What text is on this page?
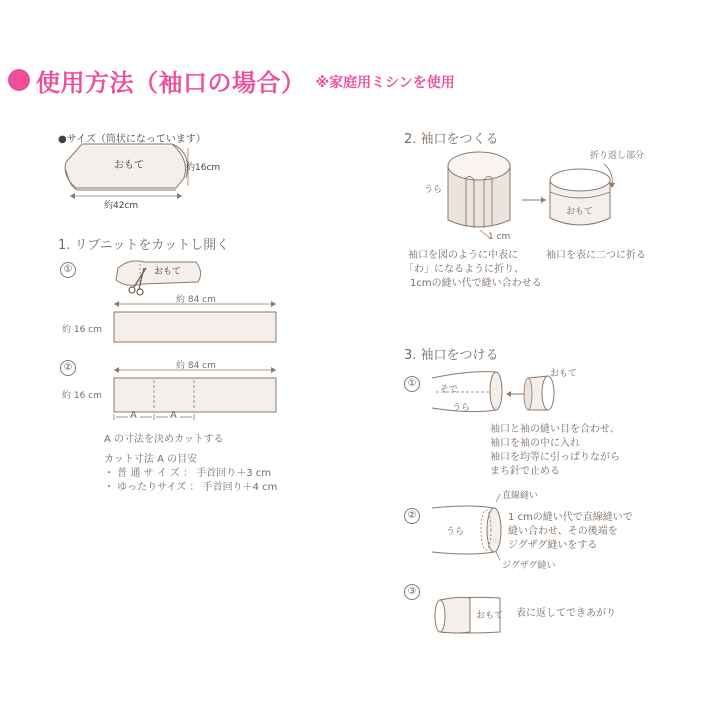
使用方法（袖口の場合） ※家庭用ミシンを使用
●サイズ（筒状になっています）
おもて	約16cm
約42cm
1. リブニットをカットし開く
①	おもて
約 84 cm
約 16 cm
②	約 84 cm
約 16 cm
A	A
A の寸法を決めカットする
カット寸法 A の目安
・ 普 通 サ イ ズ ： 手首回り＋3 cm
・ ゆったりサイズ ： 手首回り＋4 cm
2. 袖口をつくる
うら
1 cm
折り返し部分
おもて
袖口を図のように中表に
「わ」になるように折り、
1cmの縫い代で縫い合わせる
袖口を表に二つに折る
3. 袖口をつける
①
そで
うら
おもて
袖口と袖の縫い目を合わせ、
袖口を袖の中に入れ
袖口を均等に引っぱりながら
まち針で止める
②
直線縫い
うら
ジグザグ縫い
1 cmの縫い代で直線縫いで
縫い合わせ、その後端を
ジグザグ縫いをする
③
おもて 表に返してできあがり
